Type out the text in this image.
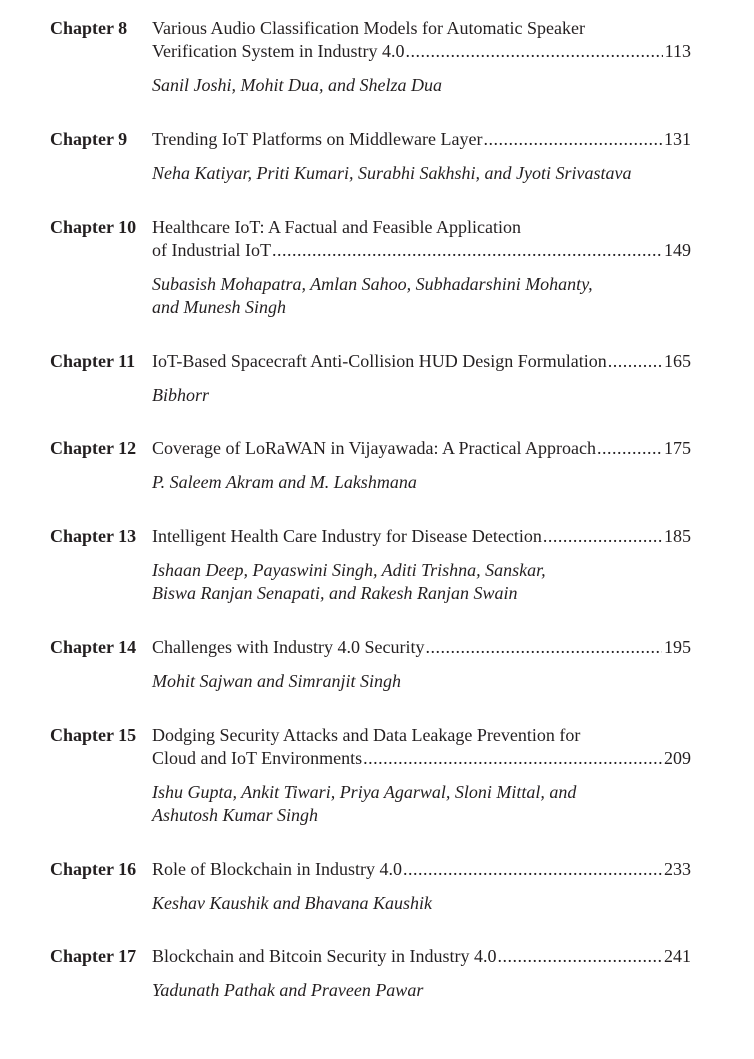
Chapter 8 Various Audio Classification Models for Automatic Speaker
Verification System in Industry 4.0 .....	113
Sanil Joshi, Mohit Dua, and Shelza Dua
Chapter 9 Trending IoT Platforms on Middleware Layer .....	131
Neha Katiyar, Priti Kumari, Surabhi Sakhshi, and Jyoti Srivastava
Chapter 10 Healthcare IoT: A Factual and Feasible Application
of Industrial IoT .....	149
Subasish Mohapatra, Amlan Sahoo, Subhadarshini Mohanty,
and Munesh Singh
Chapter 11 IoT-Based Spacecraft Anti-Collision HUD Design Formulation .....	165
Bibhorr
Chapter 12 Coverage of LoRaWAN in Vijayawada: A Practical Approach .....	175
P. Saleem Akram and M. Lakshmana
Chapter 13 Intelligent Health Care Industry for Disease Detection .....	185
Ishaan Deep, Payaswini Singh, Aditi Trishna, Sanskar,
Biswa Ranjan Senapati, and Rakesh Ranjan Swain
Chapter 14 Challenges with Industry 4.0 Security .....	195
Mohit Sajwan and Simranjit Singh
Chapter 15 Dodging Security Attacks and Data Leakage Prevention for
Cloud and IoT Environments .....	209
Ishu Gupta, Ankit Tiwari, Priya Agarwal, Sloni Mittal, and
Ashutosh Kumar Singh
Chapter 16 Role of Blockchain in Industry 4.0 .....	233
Keshav Kaushik and Bhavana Kaushik
Chapter 17 Blockchain and Bitcoin Security in Industry 4.0 .....	241
Yadunath Pathak and Praveen Pawar
